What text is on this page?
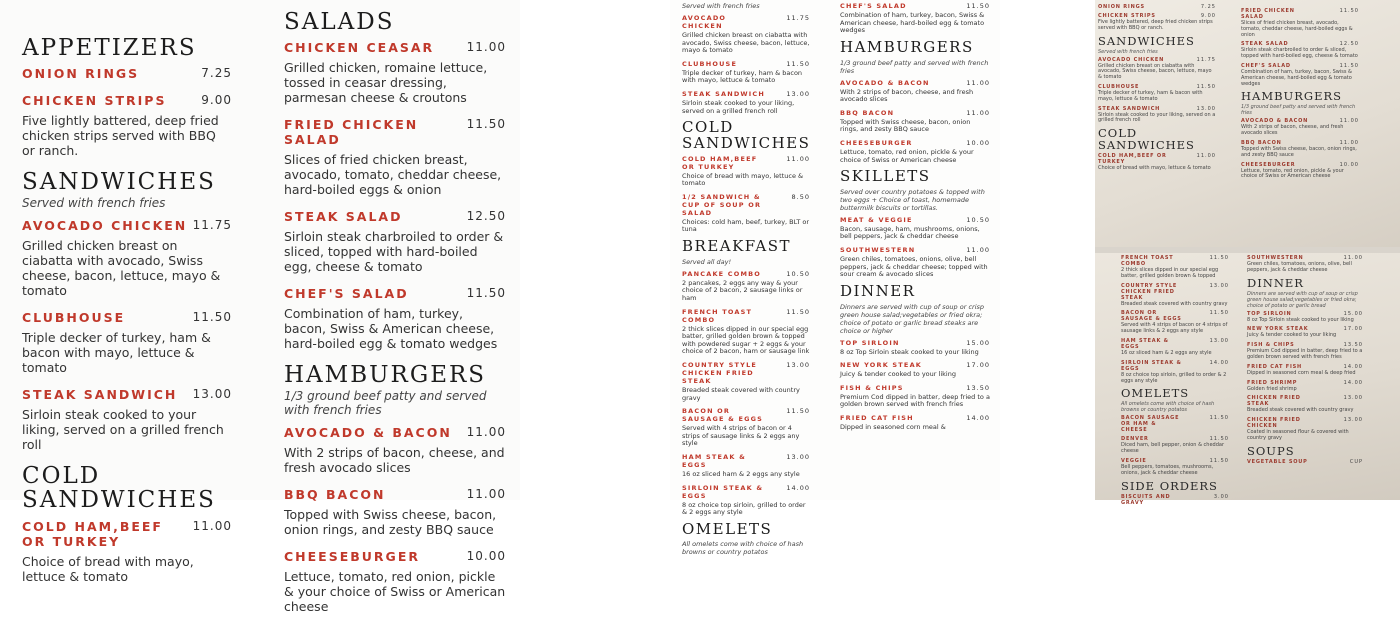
APPETIZERS
ONION RINGS	7.25
CHICKEN STRIPS	9.00
Five lightly battered, deep fried chicken strips served with BBQ or ranch.
SANDWICHES
Served with french fries
AVOCADO CHICKEN 11.75
Grilled chicken breast on ciabatta with avocado, Swiss cheese, bacon, lettuce, mayo & tomato
CLUBHOUSE	11.50
Triple decker of turkey, ham & bacon with mayo, lettuce & tomato
STEAK SANDWICH	13.00
Sirloin steak cooked to your liking, served on a grilled french roll
COLD SANDWICHES
COLD HAM,BEEF OR TURKEY
11.00
Choice of bread with mayo, lettuce & tomato
SALADS
CHICKEN CEASAR	11.00
Grilled chicken, romaine lettuce, tossed in ceasar dressing, parmesan cheese & croutons
FRIED CHICKEN SALAD
11.50
Slices of fried chicken breast, avocado, tomato, cheddar cheese, hard-boiled eggs & onion
STEAK SALAD	12.50
Sirloin steak charbroiled to order & sliced, topped with hard-boiled egg, cheese & tomato
CHEF'S SALAD	11.50
Combination of ham, turkey, bacon, Swiss & American cheese, hard-boiled egg & tomato wedges
HAMBURGERS
1/3 ground beef patty and served with french fries
AVOCADO & BACON	11.00
With 2 strips of bacon, cheese, and fresh avocado slices
BBQ BACON	11.00
Topped with Swiss cheese, bacon, onion rings, and zesty BBQ sauce
CHEESEBURGER	10.00
Lettuce, tomato, red onion, pickle & your choice of Swiss or American cheese
Served with french fries
AVOCADO CHICKEN
11.75
Grilled chicken breast on ciabatta with avocado, Swiss cheese, bacon, lettuce, mayo & tomato
CLUBHOUSE	11.50
Triple decker of turkey, ham & bacon with mayo, lettuce & tomato
STEAK SANDWICH	13.00
Sirloin steak cooked to your liking, served on a grilled french roll
COLD SANDWICHES
COLD HAM,BEEF OR TURKEY
11.00
Choice of bread with mayo, lettuce & tomato
1/2 SANDWICH & CUP OF SOUP OR SALAD
8.50
Choices: cold ham, beef, turkey, BLT or tuna
BREAKFAST
Served all day!
PANCAKE COMBO	10.50
2 pancakes, 2 eggs any way & your choice of 2 bacon, 2 sausage links or ham
FRENCH TOAST COMBO
11.50
2 thick slices dipped in our special egg batter, grilled golden brown & topped with powdered sugar + 2 eggs & your choice of 2 bacon, ham or sausage link
COUNTRY STYLE CHICKEN FRIED STEAK
13.00
Breaded steak covered with country gravy
BACON OR SAUSAGE & EGGS
11.50
Served with 4 strips of bacon or 4 strips of sausage links & 2 eggs any style
HAM STEAK & EGGS
13.00
16 oz sliced ham & 2 eggs any style
SIRLOIN STEAK & EGGS
14.00
8 oz choice top sirloin, grilled to order & 2 eggs any style
OMELETS
All omelets come with choice of hash browns or country potatos
CHEF'S SALAD	11.50
Combination of ham, turkey, bacon, Swiss & American cheese, hard-boiled egg & tomato wedges
HAMBURGERS
1/3 ground beef patty and served with french fries
AVOCADO & BACON	11.00
With 2 strips of bacon, cheese, and fresh avocado slices
BBQ BACON	11.00
Topped with Swiss cheese, bacon, onion rings, and zesty BBQ sauce
CHEESEBURGER	10.00
Lettuce, tomato, red onion, pickle & your choice of Swiss or American cheese
SKILLETS
Served over country potatoes & topped with two eggs + Choice of toast, homemade buttermilk biscuits or tortillas.
MEAT & VEGGIE	10.50
Bacon, sausage, ham, mushrooms, onions, bell peppers, jack & cheddar cheese
SOUTHWESTERN	11.00
Green chiles, tomatoes, onions, olive, bell peppers, jack & cheddar cheese; topped with sour cream & avocado slices
DINNER
Dinners are served with cup of soup or crisp green house salad;vegetables or fried okra; choice of potato or garlic bread steaks are choice or higher
TOP SIRLOIN	15.00
8 oz Top Sirloin steak cooked to your liking
NEW YORK STEAK	17.00
Juicy & tender cooked to your liking
FISH & CHIPS	13.50
Premium Cod dipped in batter, deep fried to a golden brown served with french fries
FRIED CAT FISH	14.00
Dipped in seasoned corn meal &
ONION RINGS	7.25
CHICKEN STRIPS	9.00
Five lightly battered, deep fried chicken strips served with BBQ or ranch.
SANDWICHES
Served with french fries
AVOCADO CHICKEN	11.75
Grilled chicken breast on ciabatta with avocado, Swiss cheese, bacon, lettuce, mayo & tomato
CLUBHOUSE	11.50
Triple decker of turkey, ham & bacon with mayo, lettuce & tomato
STEAK SANDWICH	13.00
Sirloin steak cooked to your liking, served on a grilled french roll
COLD SANDWICHES
COLD HAM,BEEF OR TURKEY
11.00
Choice of bread with mayo, lettuce & tomato
FRIED CHICKEN SALAD
11.50
Slices of fried chicken breast, avocado, tomato, cheddar cheese, hard-boiled eggs & onion
STEAK SALAD	12.50
Sirloin steak charbroiled to order & sliced, topped with hard-boiled egg, cheese & tomato
CHEF'S SALAD	11.50
Combination of ham, turkey, bacon, Swiss & American cheese, hard-boiled egg & tomato wedges
HAMBURGERS
1/3 ground beef patty and served with french fries
AVOCADO & BACON	11.00
With 2 strips of bacon, cheese, and fresh avocado slices
BBQ BACON	11.00
Topped with Swiss cheese, bacon, onion rings, and zesty BBQ sauce
CHEESEBURGER	10.00
Lettuce, tomato, red onion, pickle & your choice of Swiss or American cheese
FRENCH TOAST COMBO
11.50
2 thick slices dipped in our special egg batter, grilled golden brown & topped
COUNTRY STYLE CHICKEN FRIED STEAK
13.00
Breaded steak covered with country gravy
BACON OR SAUSAGE & EGGS
11.50
Served with 4 strips of bacon or 4 strips of sausage links & 2 eggs any style
HAM STEAK & EGGS
13.00
16 oz sliced ham & 2 eggs any style
SIRLOIN STEAK & EGGS
14.00
8 oz choice top sirloin, grilled to order & 2 eggs any style
OMELETS
All omelets come with choice of hash browns or country potatos
BACON SAUSAGE OR HAM & CHEESE
11.50
DENVER	11.50
Diced ham, bell pepper, onion & cheddar cheese
VEGGIE	11.50
Bell peppers, tomatoes, mushrooms, onions, jack & cheddar cheese
SIDE ORDERS
BISCUITS AND GRAVY
3.00
SOUTHWESTERN	11.00
Green chiles, tomatoes, onions, olive, bell peppers, jack & cheddar cheese
DINNER
Dinners are served with cup of soup or crisp green house salad;vegetables or fried okra; choice of potato or garlic bread
TOP SIRLOIN	15.00
8 oz Top Sirloin steak cooked to your liking
NEW YORK STEAK	17.00
Juicy & tender cooked to your liking
FISH & CHIPS	13.50
Premium Cod dipped in batter, deep fried to a golden brown served with french fries
FRIED CAT FISH	14.00
Dipped in seasoned corn meal & deep fried
FRIED SHRIMP	14.00
Golden fried shrimp
CHICKEN FRIED STEAK
13.00
Breaded steak covered with country gravy
CHICKEN FRIED CHICKEN
13.00
Coated in seasoned flour & covered with country gravy
SOUPS
VEGETABLE SOUP	CUP
